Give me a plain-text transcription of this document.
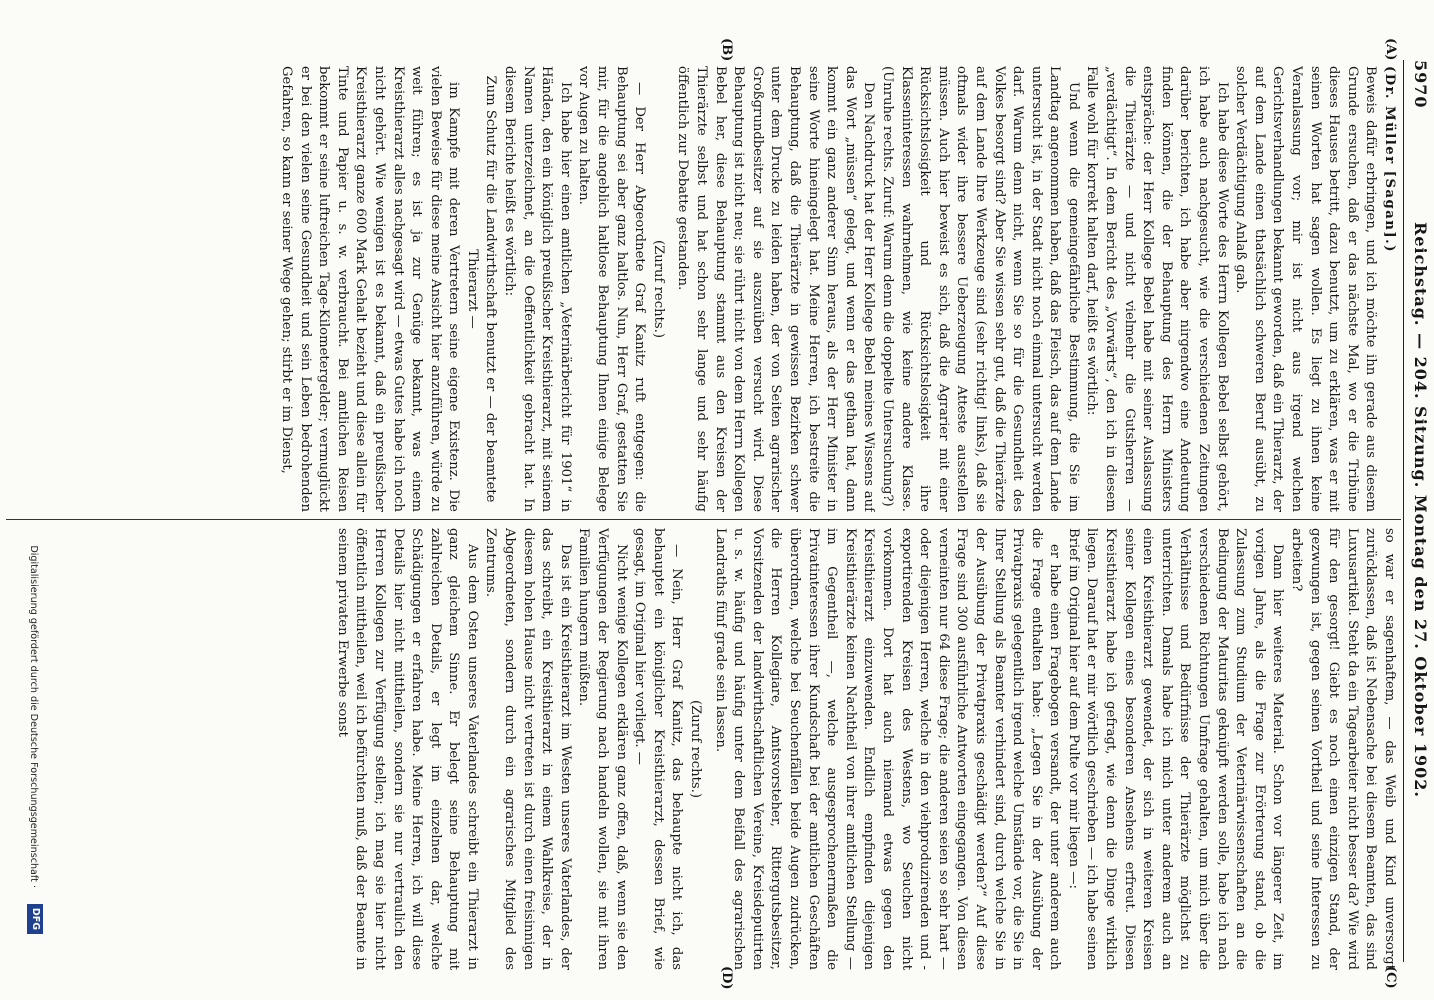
5970
Reichstag. — 204. Sitzung. Montag den 27. Oktober 1902.
(A)
(B)
(C)
(D)

(Dr. Müller [Sagan].)

Beweis dafür erbringen, und ich möchte ihn gerade aus diesem Grunde ersuchen, daß er das nächste Mal, wo er die Tribüne dieses Hauses betritt, dazu benutzt, um zu erklären, was er mit seinen Worten hat sagen wollen. Es liegt zu ihnen keine Veranlassung vor; mir ist nicht aus irgend welchen Gerichtsverhandlungen bekannt geworden, daß ein Thierarzt, der auf dem Lande einen thatsächlich schweren Beruf ausübt, zu solcher Verdächtigung Anlaß gab.

Ich habe diese Worte des Herrn Kollegen Bebel selbst gehört, ich habe auch nachgesucht, wie die verschiedenen Zeitungen darüber berichten, ich habe aber nirgendwo eine Andeutung finden können, die der Behauptung des Herrn Ministers entspräche: der Herr Kollege Bebel habe mit seiner Auslassung die Thierärzte — und nicht vielmehr die Gutsherren — „verdächtigt“. In dem Bericht des „Vorwärts“, den ich in diesem Falle wohl für korrekt halten darf, heißt es wörtlich:

Und wenn die gemeingefährliche Bestimmung, die Sie im Landtag angenommen haben, daß das Fleisch, das auf dem Lande untersucht ist, in der Stadt nicht noch einmal untersucht werden darf. Warum denn nicht, wenn Sie so für die Gesundheit des Volkes besorgt sind? Aber Sie wissen sehr gut, daß die Thierärzte auf dem Lande Ihre Werkzeuge sind (sehr richtig! links), daß sie oftmals wider ihre bessere Ueberzeugung Atteste ausstellen müssen. Auch hier beweist es sich, daß die Agrarier mit einer Rücksichtslosigkeit und Rücksichtslosigkeit ihre Klasseninteressen wahrnehmen, wie keine andere Klasse. (Unruhe rechts. Zuruf: Warum denn die doppelte Untersuchung?)

Den Nachdruck hat der Herr Kollege Bebel meines Wissens auf das Wort „müssen“ gelegt, und wenn er das gethan hat, dann kommt ein ganz anderer Sinn heraus, als der Herr Minister in seine Worte hineingelegt hat. Meine Herren, ich bestreite die Behauptung, daß die Thierärzte in gewissen Bezirken schwer unter dem Drucke zu leiden haben, der von Seiten agrarischer Großgrundbesitzer auf sie auszuüben versucht wird. Diese Behauptung ist nicht neu; sie rührt nicht von dem Herrn Kollegen Bebel her, diese Behauptung stammt aus den Kreisen der Thierärzte selbst und hat schon sehr lange und sehr häufig öffentlich zur Debatte gestanden.

(Zuruf rechts.)

— Der Herr Abgeordnete Graf Kanitz ruft entgegen: die Behauptung sei aber ganz haltlos. Nun, Herr Graf, gestatten Sie mir, für die angeblich haltlose Behauptung Ihnen einige Belege vor Augen zu halten.

Ich habe hier einen amtlichen „Veterinärbericht für 1901“ in Händen, den ein königlich preußischer Kreisthierarzt, mit seinem Namen unterzeichnet, an die Oeffentlichkeit gebracht hat. In diesem Berichte heißt es wörtlich:

Zum Schutz für die Landwirthschaft benutzt er — der beamtete Thierarzt —

im Kampfe mit deren Vertretern seine eigene Existenz. Die vielen Beweise für diese meine Ansicht hier anzuführen, würde zu weit führen; es ist ja zur Genüge bekannt, was einem Kreisthierarzt alles nachgesagt wird — etwas Gutes habe ich noch nicht gehört. Wie wenigen ist es bekannt, daß ein preußischer Kreisthierarzt ganze 600 Mark Gehalt bezieht und diese allein für Tinte und Papier u. s. w. verbraucht. Bei amtlichen Reisen bekommt er seine luftreichen Tage-Kilometergelder; vermuglückt er bei den vielen seine Gesundheit und sein Leben bedrohenden Gefahren, so kann er seiner Wege gehen; stirbt er im Dienst,

so war er sagenhaftem, — das Weib und Kind unversorgt zurücklassen, daß ist Nebensache bei diesem Beamten, das sind Luxusartikel. Steht da ein Tagearbeiter nicht besser da? Wie wird für den gesorgt! Giebt es noch einen einzigen Stand, der gezwungen ist, gegen seinen Vortheil und seine Interessen zu arbeiten?

Dann hier weiteres Material. Schon vor längerer Zeit, im vorigen Jahre, als die Frage zur Erörterung stand, ob die Zulassung zum Studium der Veterinärwissenschaften an die Bedingung der Maturitas geknüpft werden solle, habe ich nach verschiedenen Richtungen Umfrage gehalten, um mich über die Verhältnisse und Bedürfnisse der Thierärzte möglichst zu unterrichten. Damals habe ich mich unter anderem auch an einen Kreisthierarzt gewendet, der sich in weiteren Kreisen seiner Kollegen eines besonderen Ansehens erfreut. Diesen Kreisthierarzt habe ich gefragt, wie denn die Dinge wirklich liegen. Darauf hat er mir wörtlich geschrieben — ich habe seinen Brief im Original hier auf dem Pulte vor mir liegen —:

er habe einen Fragebogen versandt, der unter anderem auch die Frage enthalten habe: „Legen Sie in der Ausübung der Privatpraxis gelegentlich irgend welche Umstände vor, die Sie in Ihrer Stellung als Beamter verhindert sind, durch welche Sie in der Ausübung der Privatpraxis geschädigt werden?“ Auf diese Frage sind 300 ausführliche Antworten eingegangen. Von diesen verneinten nur 64 diese Frage; die anderen seien so sehr hart — oder diejenigen Herren, welche in den viehproduzirenden und -exportirenden Kreisen des Westens, wo Seuchen nicht vorkommen. Dort hat auch niemand etwas gegen den Kreisthierarzt einzuwenden. Endlich empfinden diejenigen Kreisthierärzte keinen Nachtheil von ihrer amtlichen Stellung — im Gegentheil —, welche ausgesprochenermaßen die Privatinteressen ihrer Kundschaft bei der amtlichen Geschäften überordnen, welche bei Seuchenfällen beide Augen zudrücken, die Herren Kollegiare, Amtsvorsteher, Rittergutsbesitzer, Vorsitzenden der landwirthschaftlichen Vereine, Kreisdeputirten u. s. w. häufig und häufig unter dem Beifall des agrarischen Landraths fünf grade sein lassen.

(Zuruf rechts.)

— Nein, Herr Graf Kanitz, das behaupte nicht ich, das behauptet ein königlicher Kreisthierarzt, dessen Brief, wie gesagt, im Original hier vorliegt. —

Nicht wenige Kollegen erklären ganz offen, daß, wenn sie den Verfügungen der Regierung nach handeln wollen, sie mit ihren Familien hungern müßten.

Das ist ein Kreisthierarzt im Westen unseres Vaterlandes, der das schreibt, ein Kreisthierarzt in einem Wahlkreise, der in diesem hohen Hause nicht vertreten ist durch einen freisinnigen Abgeordneten, sondern durch ein agrarisches Mitglied des Zentrums.

Aus dem Osten unseres Vaterlandes schreibt ein Thierarzt in ganz gleichem Sinne. Er belegt seine Behauptung mit zahlreichen Details, er legt im einzelnen dar, welche Schädigungen er erfahren habe. Meine Herren, ich will diese Details hier nicht mittheilen, sondern sie nur vertraulich den Herren Kollegen zur Verfügung stellen; ich mag sie hier nicht öffentlich mittheilen, weil ich befürchten muß, daß der Beamte in seinem privaten Erwerbe sonst

Digitalisierung gefördert durch die Deutsche Forschungsgemeinschaft ·
DFG
